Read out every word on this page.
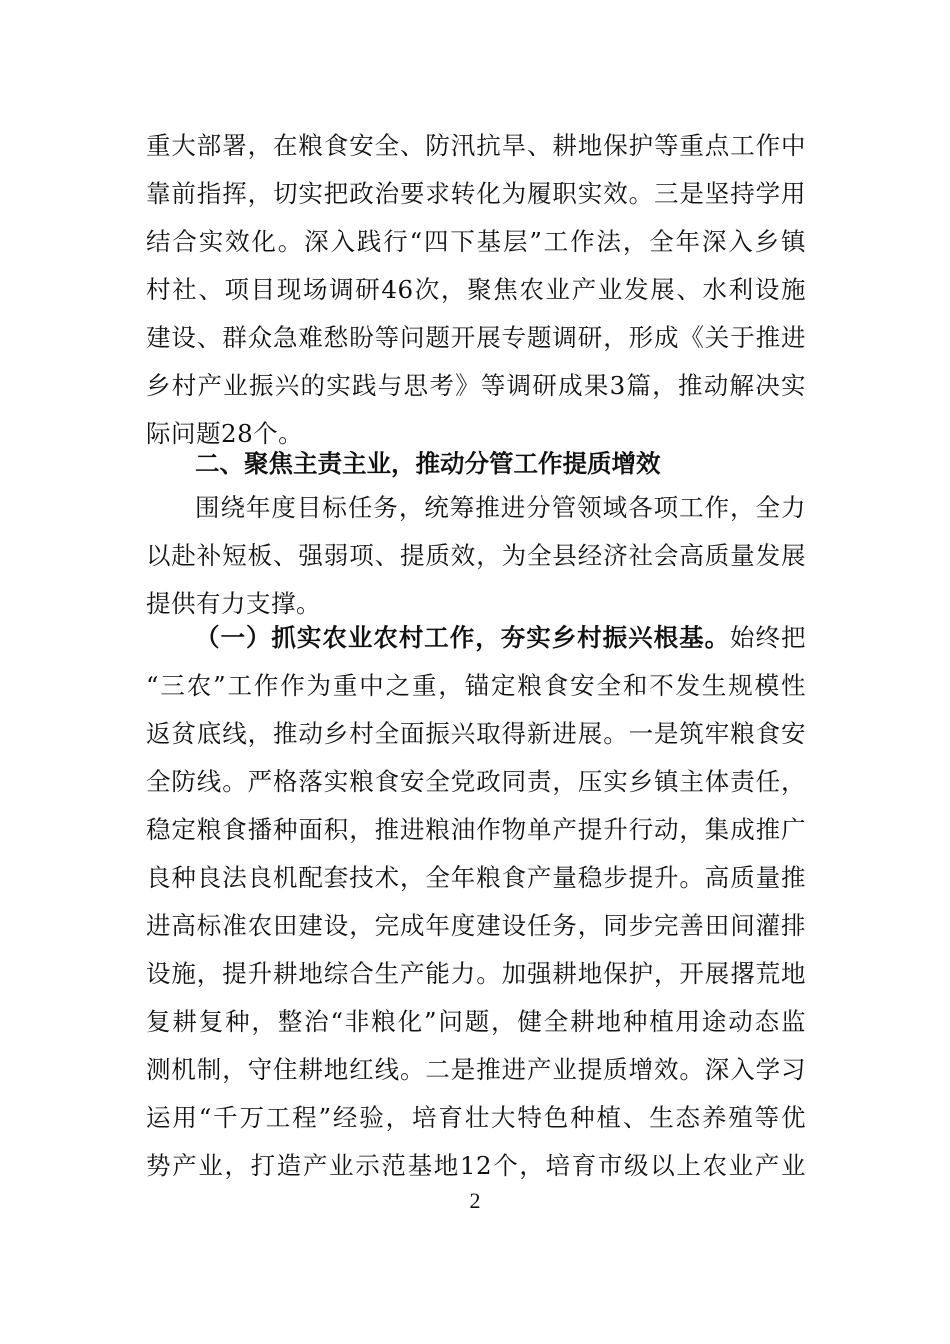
重大部署，在粮食安全、防汛抗旱、耕地保护等重点工作中
靠前指挥，切实把政治要求转化为履职实效。三是坚持学用
结合实效化。深入践行“四下基层”工作法，全年深入乡镇
村社、项目现场调研46次，聚焦农业产业发展、水利设施
建设、群众急难愁盼等问题开展专题调研，形成《关于推进
乡村产业振兴的实践与思考》等调研成果3篇，推动解决实
际问题28个。
二、聚焦主责主业，推动分管工作提质增效
围绕年度目标任务，统筹推进分管领域各项工作，全力
以赴补短板、强弱项、提质效，为全县经济社会高质量发展
提供有力支撑。
（一）抓实农业农村工作，夯实乡村振兴根基。始终把
“三农”工作作为重中之重，锚定粮食安全和不发生规模性
返贫底线，推动乡村全面振兴取得新进展。一是筑牢粮食安
全防线。严格落实粮食安全党政同责，压实乡镇主体责任，
稳定粮食播种面积，推进粮油作物单产提升行动，集成推广
良种良法良机配套技术，全年粮食产量稳步提升。高质量推
进高标准农田建设，完成年度建设任务，同步完善田间灌排
设施，提升耕地综合生产能力。加强耕地保护，开展撂荒地
复耕复种，整治“非粮化”问题，健全耕地种植用途动态监
测机制，守住耕地红线。二是推进产业提质增效。深入学习
运用“千万工程”经验，培育壮大特色种植、生态养殖等优
势产业，打造产业示范基地12个，培育市级以上农业产业
2
